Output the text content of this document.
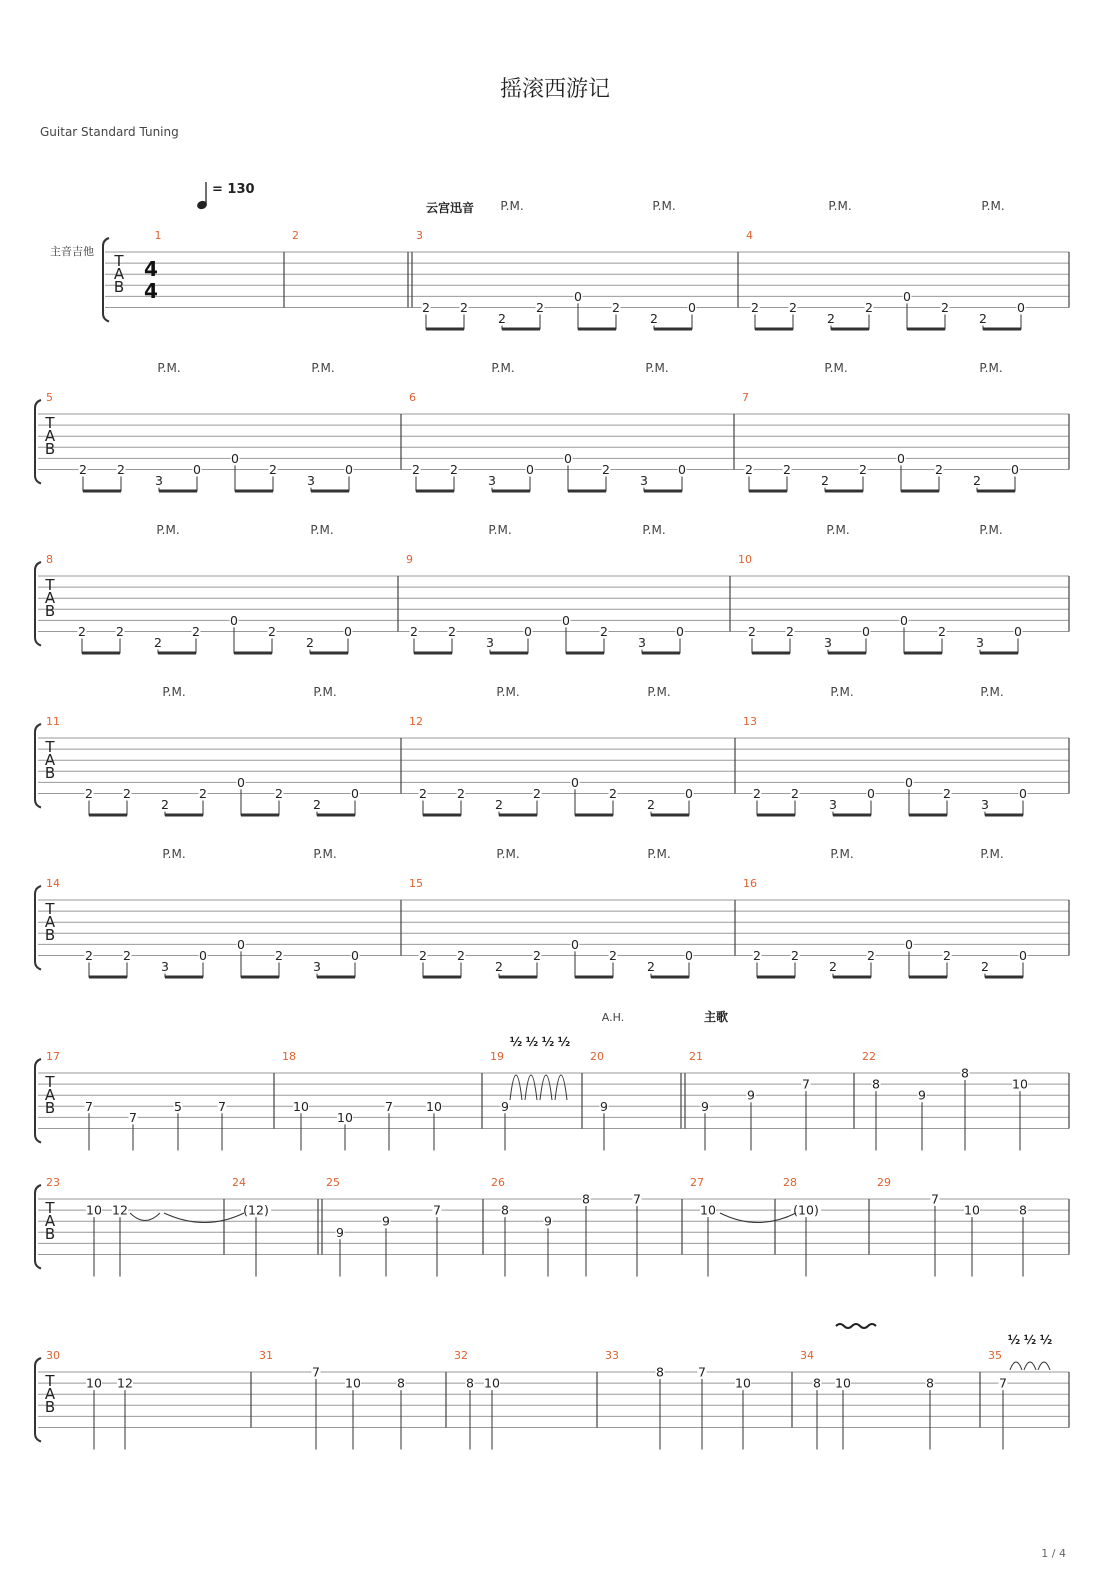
摇滚西游记
Guitar Standard Tuning
1 / 4
T
A
B
1	2	3
2 2
2
2
0
2
2
0
4
2 2
2
2
0
2
2
0
P.M.	P.M.	P.M.	P.M.
T
A
B
5
2 2
3
0
0
2
3
0
6
2 2
3
0
0
2
3
0
7
2 2
2
2
0
2
2
0
P.M.	P.M.	P.M.	P.M.	P.M.	P.M.
T
A
B
8
2 2
2
2
0
2
2
0
9
2 2
3
0
0
2
3
0
10
2 2
3
0
0
2
3
0
P.M.	P.M.	P.M.	P.M.	P.M.	P.M.
T
A
B
11
2 2
2
2
0
2
2
0
12
2 2
2
2
0
2
2
0
13
2 2
3
0
0
2
3
0
P.M.	P.M.	P.M.	P.M.	P.M.	P.M.
T
A
B
14
2 2
3
0
0
2
3
0
15
2 2
2
2
0
2
2
0
16
2 2
2
2
0
2
2
0
P.M.	P.M.	P.M.	P.M.	P.M.	P.M.
T
A
B
17
7
7
5	7
18
10
10
7	10
19
9
20
9
21
9
9
7
22
8
9
8
10
T
A
B
23
10 12
24
(12)
25
9
9
7
26
8
9
8	7
27
10
28
(10)
29
7
10	8
T
A
B
30
10 12
31
7
10	8
32
8 10
33
8	7
10
34
8 10	8
35
7
4
4
= 130
主音吉他
云宫迅音
主歌
A.H.
½ ½ ½ ½
½ ½ ½
